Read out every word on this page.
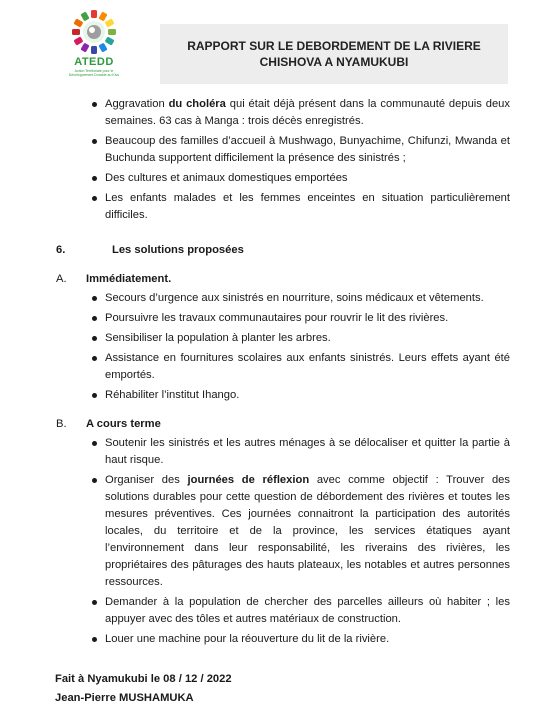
ATEDD
Action Territoriale pour le Développement Durable au Kivu
RAPPORT SUR LE DEBORDEMENT DE LA RIVIERE
CHISHOVA A NYAMUKUBI
Aggravation du choléra qui était déjà présent dans la communauté depuis deux semaines. 63 cas à Manga : trois décès enregistrés.
Beaucoup des familles d’accueil à Mushwago, Bunyachime, Chifunzi, Mwanda et Buchunda supportent difficilement la présence des sinistrés ;
Des cultures et animaux domestiques emportées
Les enfants malades et les femmes enceintes en situation particulièrement difficiles.
6.	Les solutions proposées
A.	Immédiatement.
Secours d’urgence aux sinistrés en nourriture, soins médicaux et vêtements.
Poursuivre les travaux communautaires pour rouvrir le lit des rivières.
Sensibiliser la population à planter les arbres.
Assistance en fournitures scolaires aux enfants sinistrés. Leurs effets ayant été emportés.
Réhabiliter l’institut Ihango.
B.	A cours terme
Soutenir les sinistrés et les autres ménages à se délocaliser et quitter la partie à haut risque.
Organiser des journées de réflexion avec comme objectif : Trouver des solutions durables pour cette question de débordement des rivières et toutes les mesures préventives. Ces journées connaitront la participation des autorités locales, du territoire et de la province, les services étatiques ayant l’environnement dans leur responsabilité, les riverains des rivières, les propriétaires des pâturages des hauts plateaux, les notables et autres personnes ressources.
Demander à la population de chercher des parcelles ailleurs où habiter ; les appuyer avec des tôles et autres matériaux de construction.
Louer une machine pour la réouverture du lit de la rivière.
Fait à Nyamukubi le 08 / 12 / 2022
Jean-Pierre MUSHAMUKA
